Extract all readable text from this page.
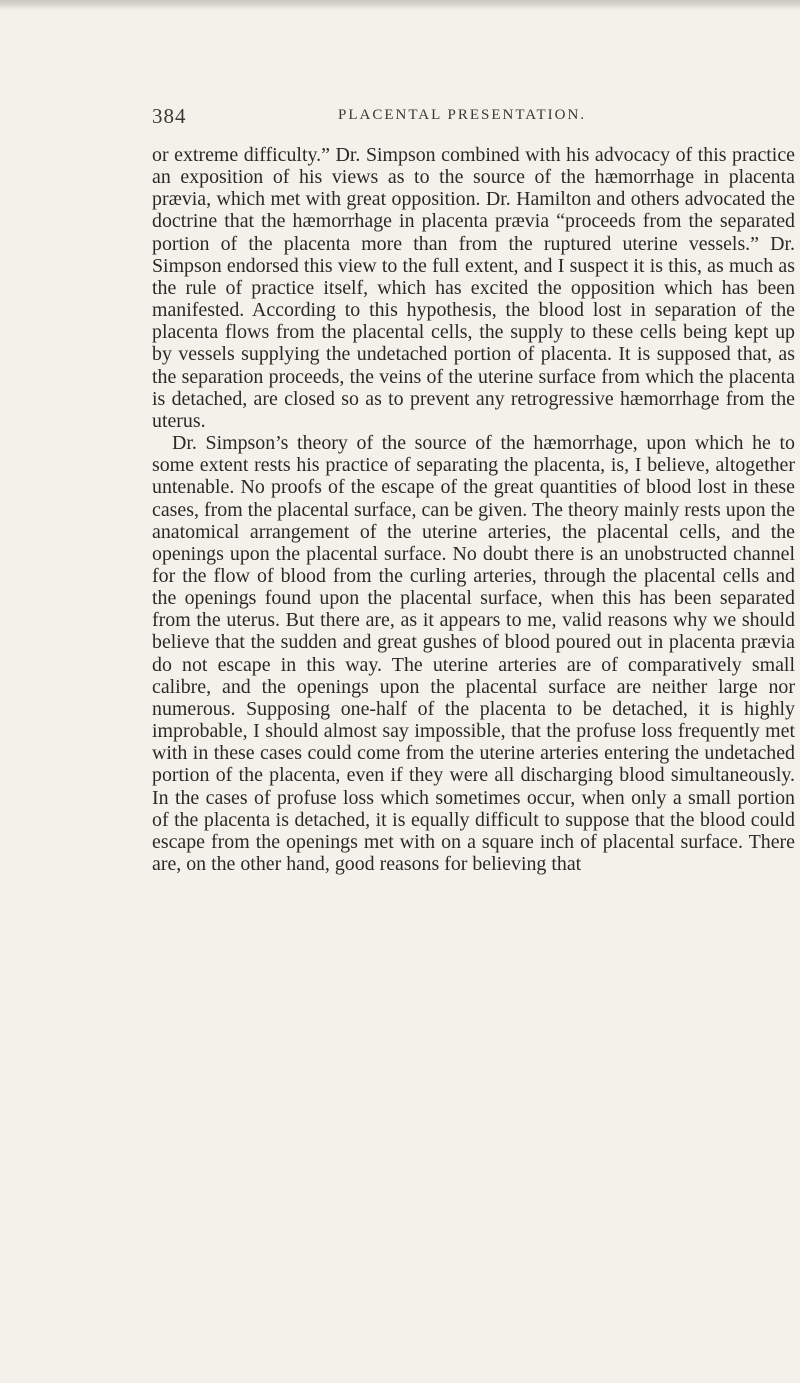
384	PLACENTAL PRESENTATION.

or extreme difficulty.” Dr. Simpson combined with his advocacy of this practice an exposition of his views as to the source of the hæmorrhage in placenta prævia, which met with great opposition. Dr. Hamilton and others advocated the doctrine that the hæmorrhage in placenta prævia “proceeds from the separated portion of the placenta more than from the ruptured uterine vessels.” Dr. Simpson endorsed this view to the full extent, and I suspect it is this, as much as the rule of practice itself, which has excited the opposition which has been manifested. According to this hypothesis, the blood lost in separation of the placenta flows from the placental cells, the supply to these cells being kept up by vessels supplying the undetached portion of placenta. It is supposed that, as the separation proceeds, the veins of the uterine surface from which the placenta is detached, are closed so as to prevent any retrogressive hæmorrhage from the uterus.

Dr. Simpson’s theory of the source of the hæmorrhage, upon which he to some extent rests his practice of separating the placenta, is, I believe, altogether untenable. No proofs of the escape of the great quantities of blood lost in these cases, from the placental surface, can be given. The theory mainly rests upon the anatomical arrangement of the uterine arteries, the placental cells, and the openings upon the placental surface. No doubt there is an unobstructed channel for the flow of blood from the curling arteries, through the placental cells and the openings found upon the placental surface, when this has been separated from the uterus. But there are, as it appears to me, valid reasons why we should believe that the sudden and great gushes of blood poured out in placenta prævia do not escape in this way. The uterine arteries are of comparatively small calibre, and the openings upon the placental surface are neither large nor numerous. Supposing one-half of the placenta to be detached, it is highly improbable, I should almost say impossible, that the profuse loss frequently met with in these cases could come from the uterine arteries entering the undetached portion of the placenta, even if they were all discharging blood simultaneously. In the cases of profuse loss which sometimes occur, when only a small portion of the placenta is detached, it is equally difficult to suppose that the blood could escape from the openings met with on a square inch of placental surface. There are, on the other hand, good reasons for believing that
